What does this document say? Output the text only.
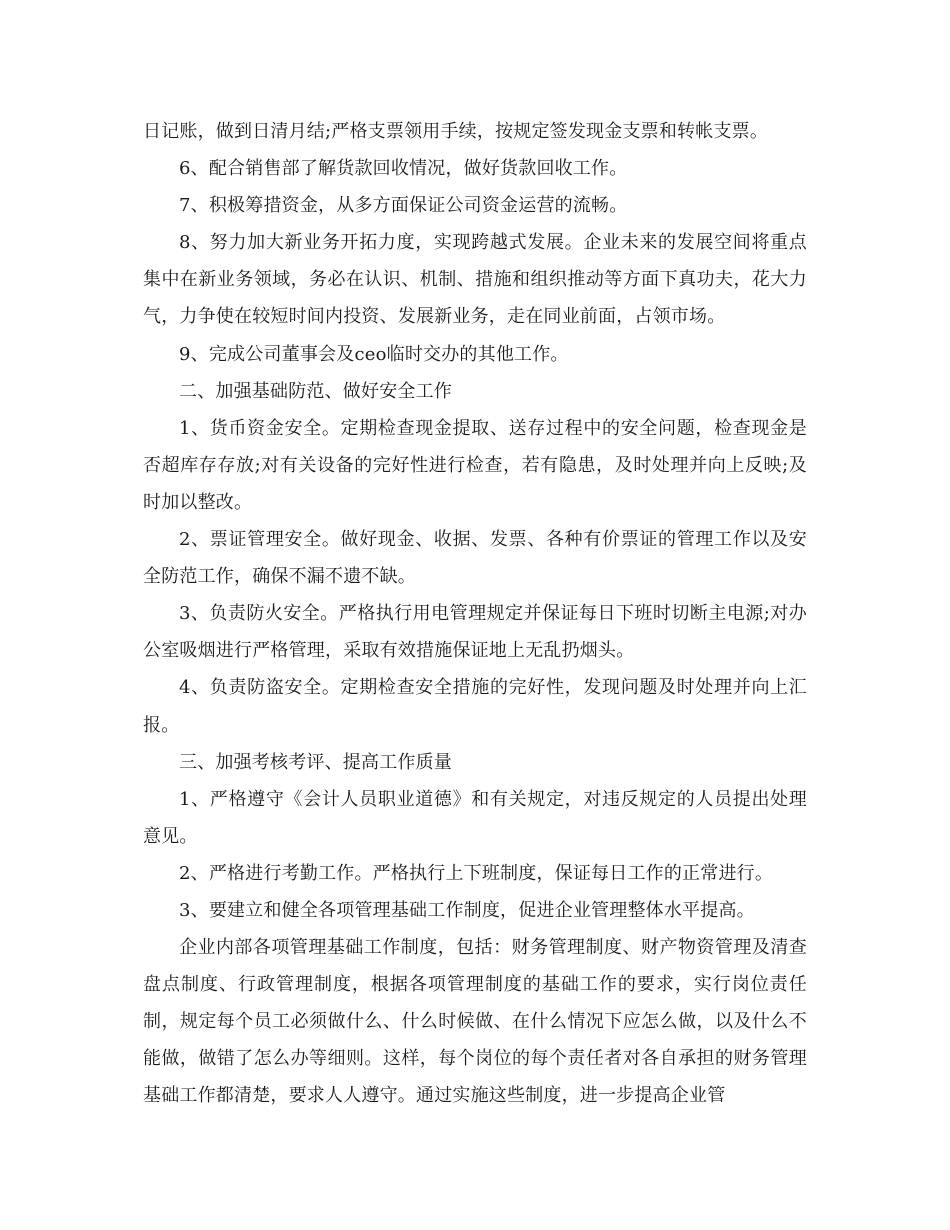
日记账，做到日清月结;严格支票领用手续，按规定签发现金支票和转帐支票。

6、配合销售部了解货款回收情况，做好货款回收工作。

7、积极筹措资金，从多方面保证公司资金运营的流畅。

8、努力加大新业务开拓力度，实现跨越式发展。企业未来的发展空间将重点集中在新业务领域，务必在认识、机制、措施和组织推动等方面下真功夫，花大力气，力争使在较短时间内投资、发展新业务，走在同业前面，占领市场。

9、完成公司董事会及ceo临时交办的其他工作。

二、加强基础防范、做好安全工作

1、货币资金安全。定期检查现金提取、送存过程中的安全问题，检查现金是否超库存存放;对有关设备的完好性进行检查，若有隐患，及时处理并向上反映;及时加以整改。

2、票证管理安全。做好现金、收据、发票、各种有价票证的管理工作以及安全防范工作，确保不漏不遗不缺。

3、负责防火安全。严格执行用电管理规定并保证每日下班时切断主电源;对办公室吸烟进行严格管理，采取有效措施保证地上无乱扔烟头。

4、负责防盗安全。定期检查安全措施的完好性，发现问题及时处理并向上汇报。

三、加强考核考评、提高工作质量

1、严格遵守《会计人员职业道德》和有关规定，对违反规定的人员提出处理意见。

2、严格进行考勤工作。严格执行上下班制度，保证每日工作的正常进行。

3、要建立和健全各项管理基础工作制度，促进企业管理整体水平提高。

企业内部各项管理基础工作制度，包括：财务管理制度、财产物资管理及清查盘点制度、行政管理制度，根据各项管理制度的基础工作的要求，实行岗位责任制，规定每个员工必须做什么、什么时候做、在什么情况下应怎么做，以及什么不能做，做错了怎么办等细则。这样，每个岗位的每个责任者对各自承担的财务管理基础工作都清楚，要求人人遵守。通过实施这些制度，进一步提高企业管
